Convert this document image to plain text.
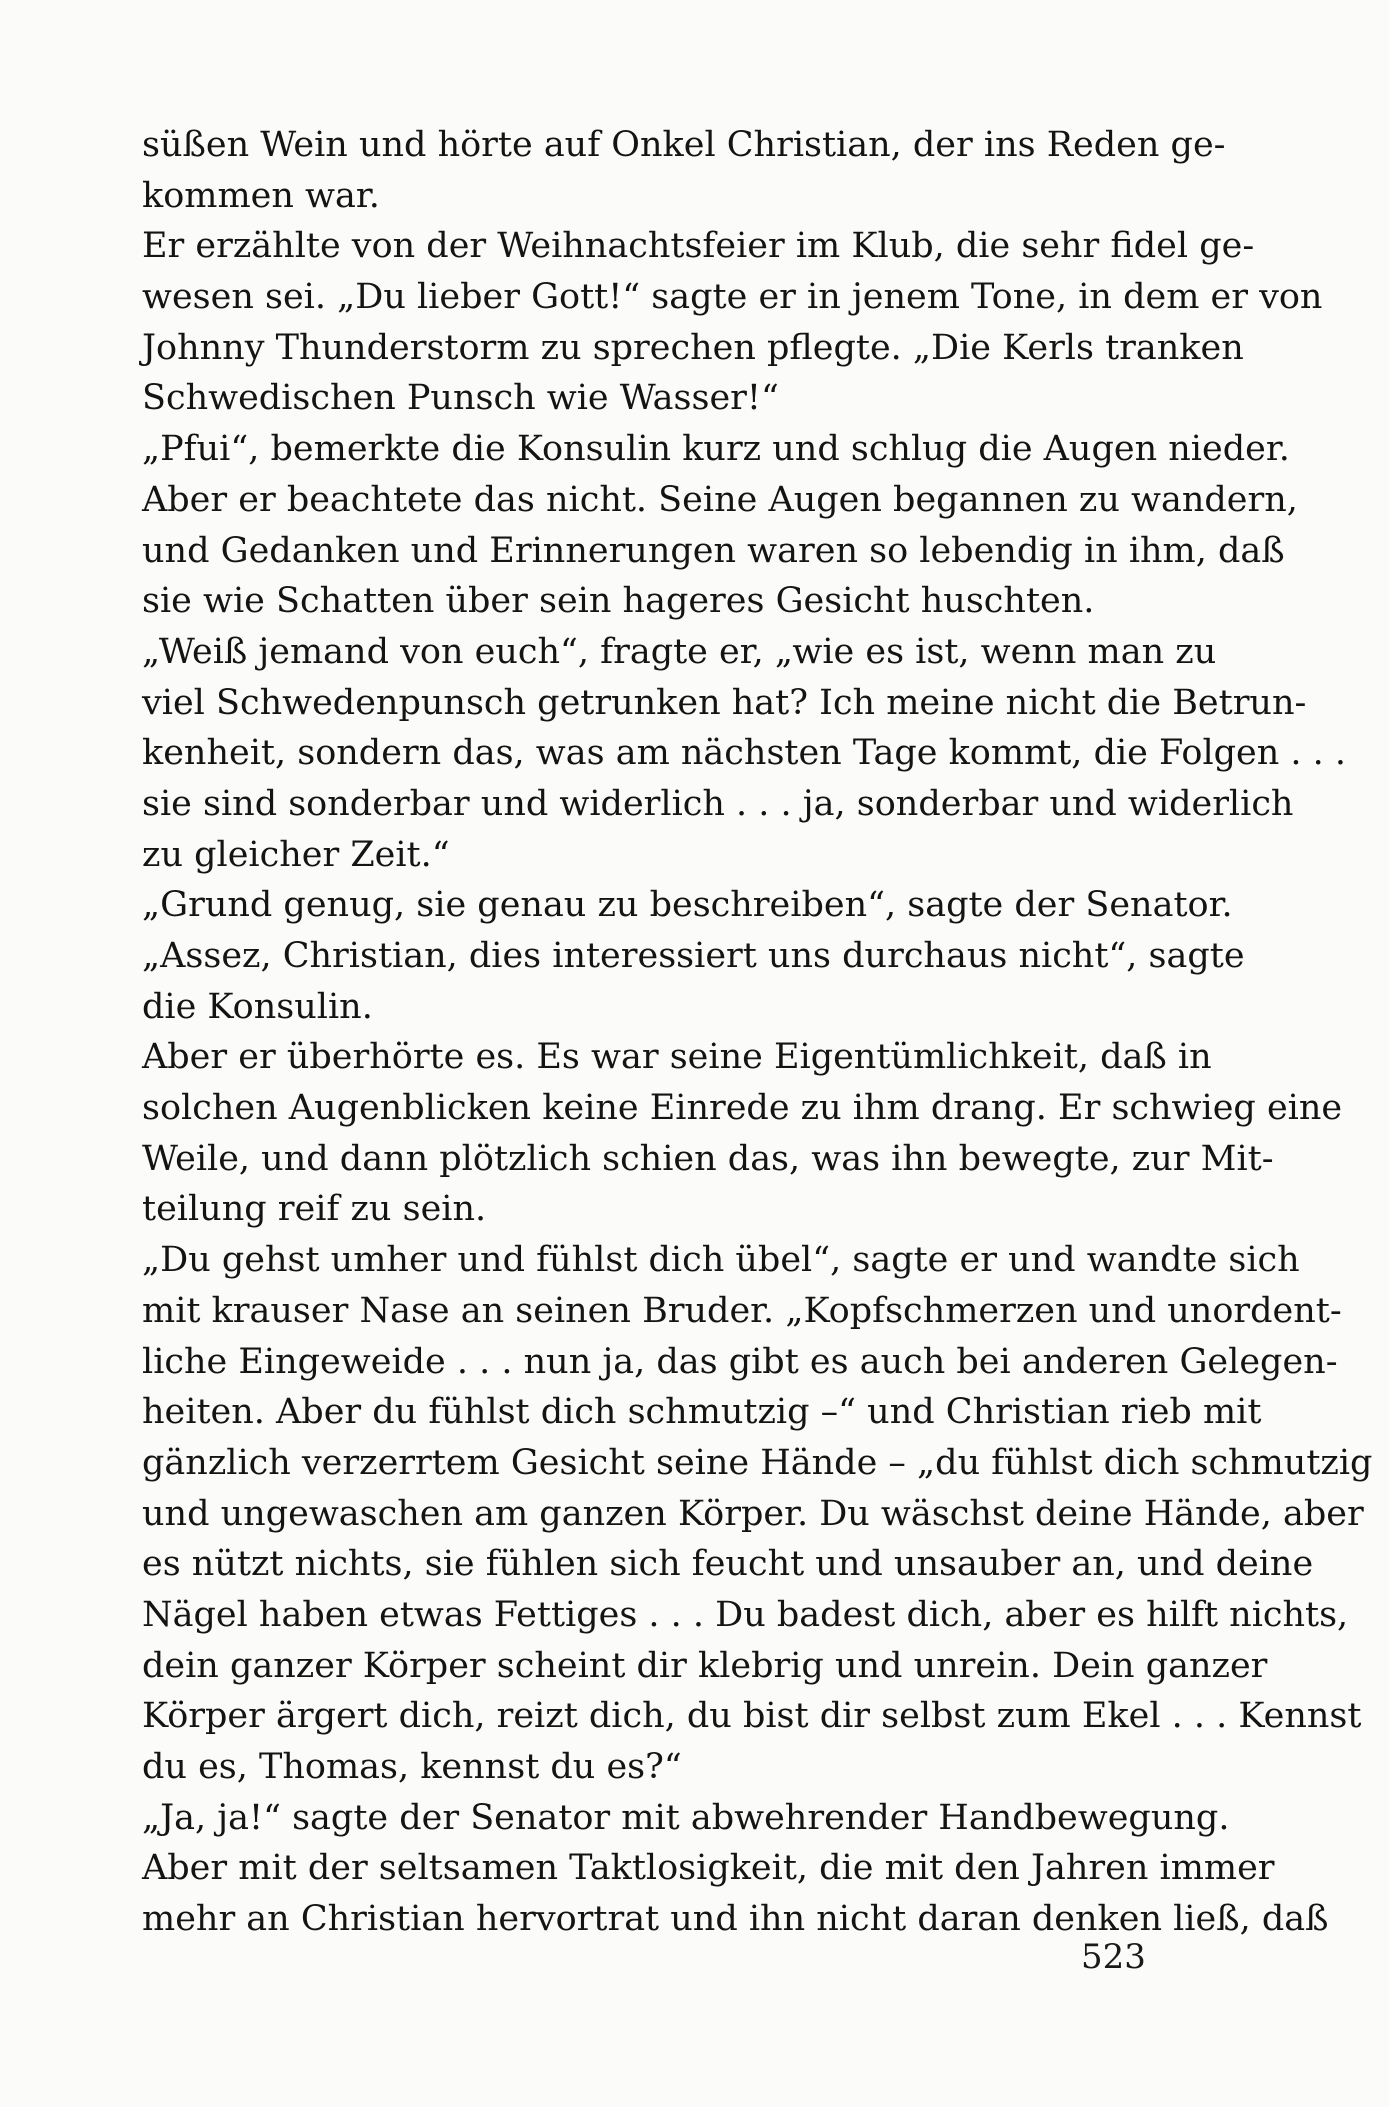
süßen Wein und hörte auf Onkel Christian, der ins Reden ge-
kommen war.
Er erzählte von der Weihnachtsfeier im Klub, die sehr fidel ge-
wesen sei. „Du lieber Gott!“ sagte er in jenem Tone, in dem er von
Johnny Thunderstorm zu sprechen pflegte. „Die Kerls tranken
Schwedischen Punsch wie Wasser!“
„Pfui“, bemerkte die Konsulin kurz und schlug die Augen nieder.
Aber er beachtete das nicht. Seine Augen begannen zu wandern,
und Gedanken und Erinnerungen waren so lebendig in ihm, daß
sie wie Schatten über sein hageres Gesicht huschten.
„Weiß jemand von euch“, fragte er, „wie es ist, wenn man zu
viel Schwedenpunsch getrunken hat? Ich meine nicht die Betrun-
kenheit, sondern das, was am nächsten Tage kommt, die Folgen . . .
sie sind sonderbar und widerlich . . . ja, sonderbar und widerlich
zu gleicher Zeit.“
„Grund genug, sie genau zu beschreiben“, sagte der Senator.
„Assez, Christian, dies interessiert uns durchaus nicht“, sagte
die Konsulin.
Aber er überhörte es. Es war seine Eigentümlichkeit, daß in
solchen Augenblicken keine Einrede zu ihm drang. Er schwieg eine
Weile, und dann plötzlich schien das, was ihn bewegte, zur Mit-
teilung reif zu sein.
„Du gehst umher und fühlst dich übel“, sagte er und wandte sich
mit krauser Nase an seinen Bruder. „Kopfschmerzen und unordent-
liche Eingeweide . . . nun ja, das gibt es auch bei anderen Gelegen-
heiten. Aber du fühlst dich schmutzig –“ und Christian rieb mit
gänzlich verzerrtem Gesicht seine Hände – „du fühlst dich schmutzig
und ungewaschen am ganzen Körper. Du wäschst deine Hände, aber
es nützt nichts, sie fühlen sich feucht und unsauber an, und deine
Nägel haben etwas Fettiges . . . Du badest dich, aber es hilft nichts,
dein ganzer Körper scheint dir klebrig und unrein. Dein ganzer
Körper ärgert dich, reizt dich, du bist dir selbst zum Ekel . . . Kennst
du es, Thomas, kennst du es?“
„Ja, ja!“ sagte der Senator mit abwehrender Handbewegung.
Aber mit der seltsamen Taktlosigkeit, die mit den Jahren immer
mehr an Christian hervortrat und ihn nicht daran denken ließ, daß
523
